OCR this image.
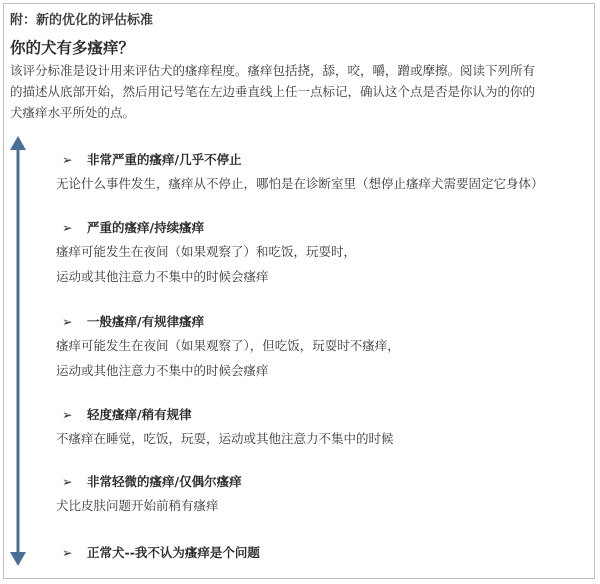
附：新的优化的评估标准
你的犬有多瘙痒？
该评分标准是设计用来评估犬的瘙痒程度。瘙痒包括挠，舔，咬，嚼，蹭或摩擦。阅读下列所有
的描述从底部开始，然后用记号笔在左边垂直线上任一点标记，确认这个点是否是你认为的你的
犬瘙痒水平所处的点。
➢ 非常严重的瘙痒/几乎不停止
无论什么事件发生，瘙痒从不停止，哪怕是在诊断室里（想停止瘙痒犬需要固定它身体）
➢ 严重的瘙痒/持续瘙痒
瘙痒可能发生在夜间（如果观察了）和吃饭，玩耍时，
运动或其他注意力不集中的时候会瘙痒
➢ 一般瘙痒/有规律瘙痒
瘙痒可能发生在夜间（如果观察了），但吃饭，玩耍时不瘙痒，
运动或其他注意力不集中的时候会瘙痒
➢ 轻度瘙痒/稍有规律
不瘙痒在睡觉，吃饭，玩耍，运动或其他注意力不集中的时候
➢ 非常轻微的瘙痒/仅偶尔瘙痒
犬比皮肤问题开始前稍有瘙痒
➢ 正常犬--我不认为瘙痒是个问题
